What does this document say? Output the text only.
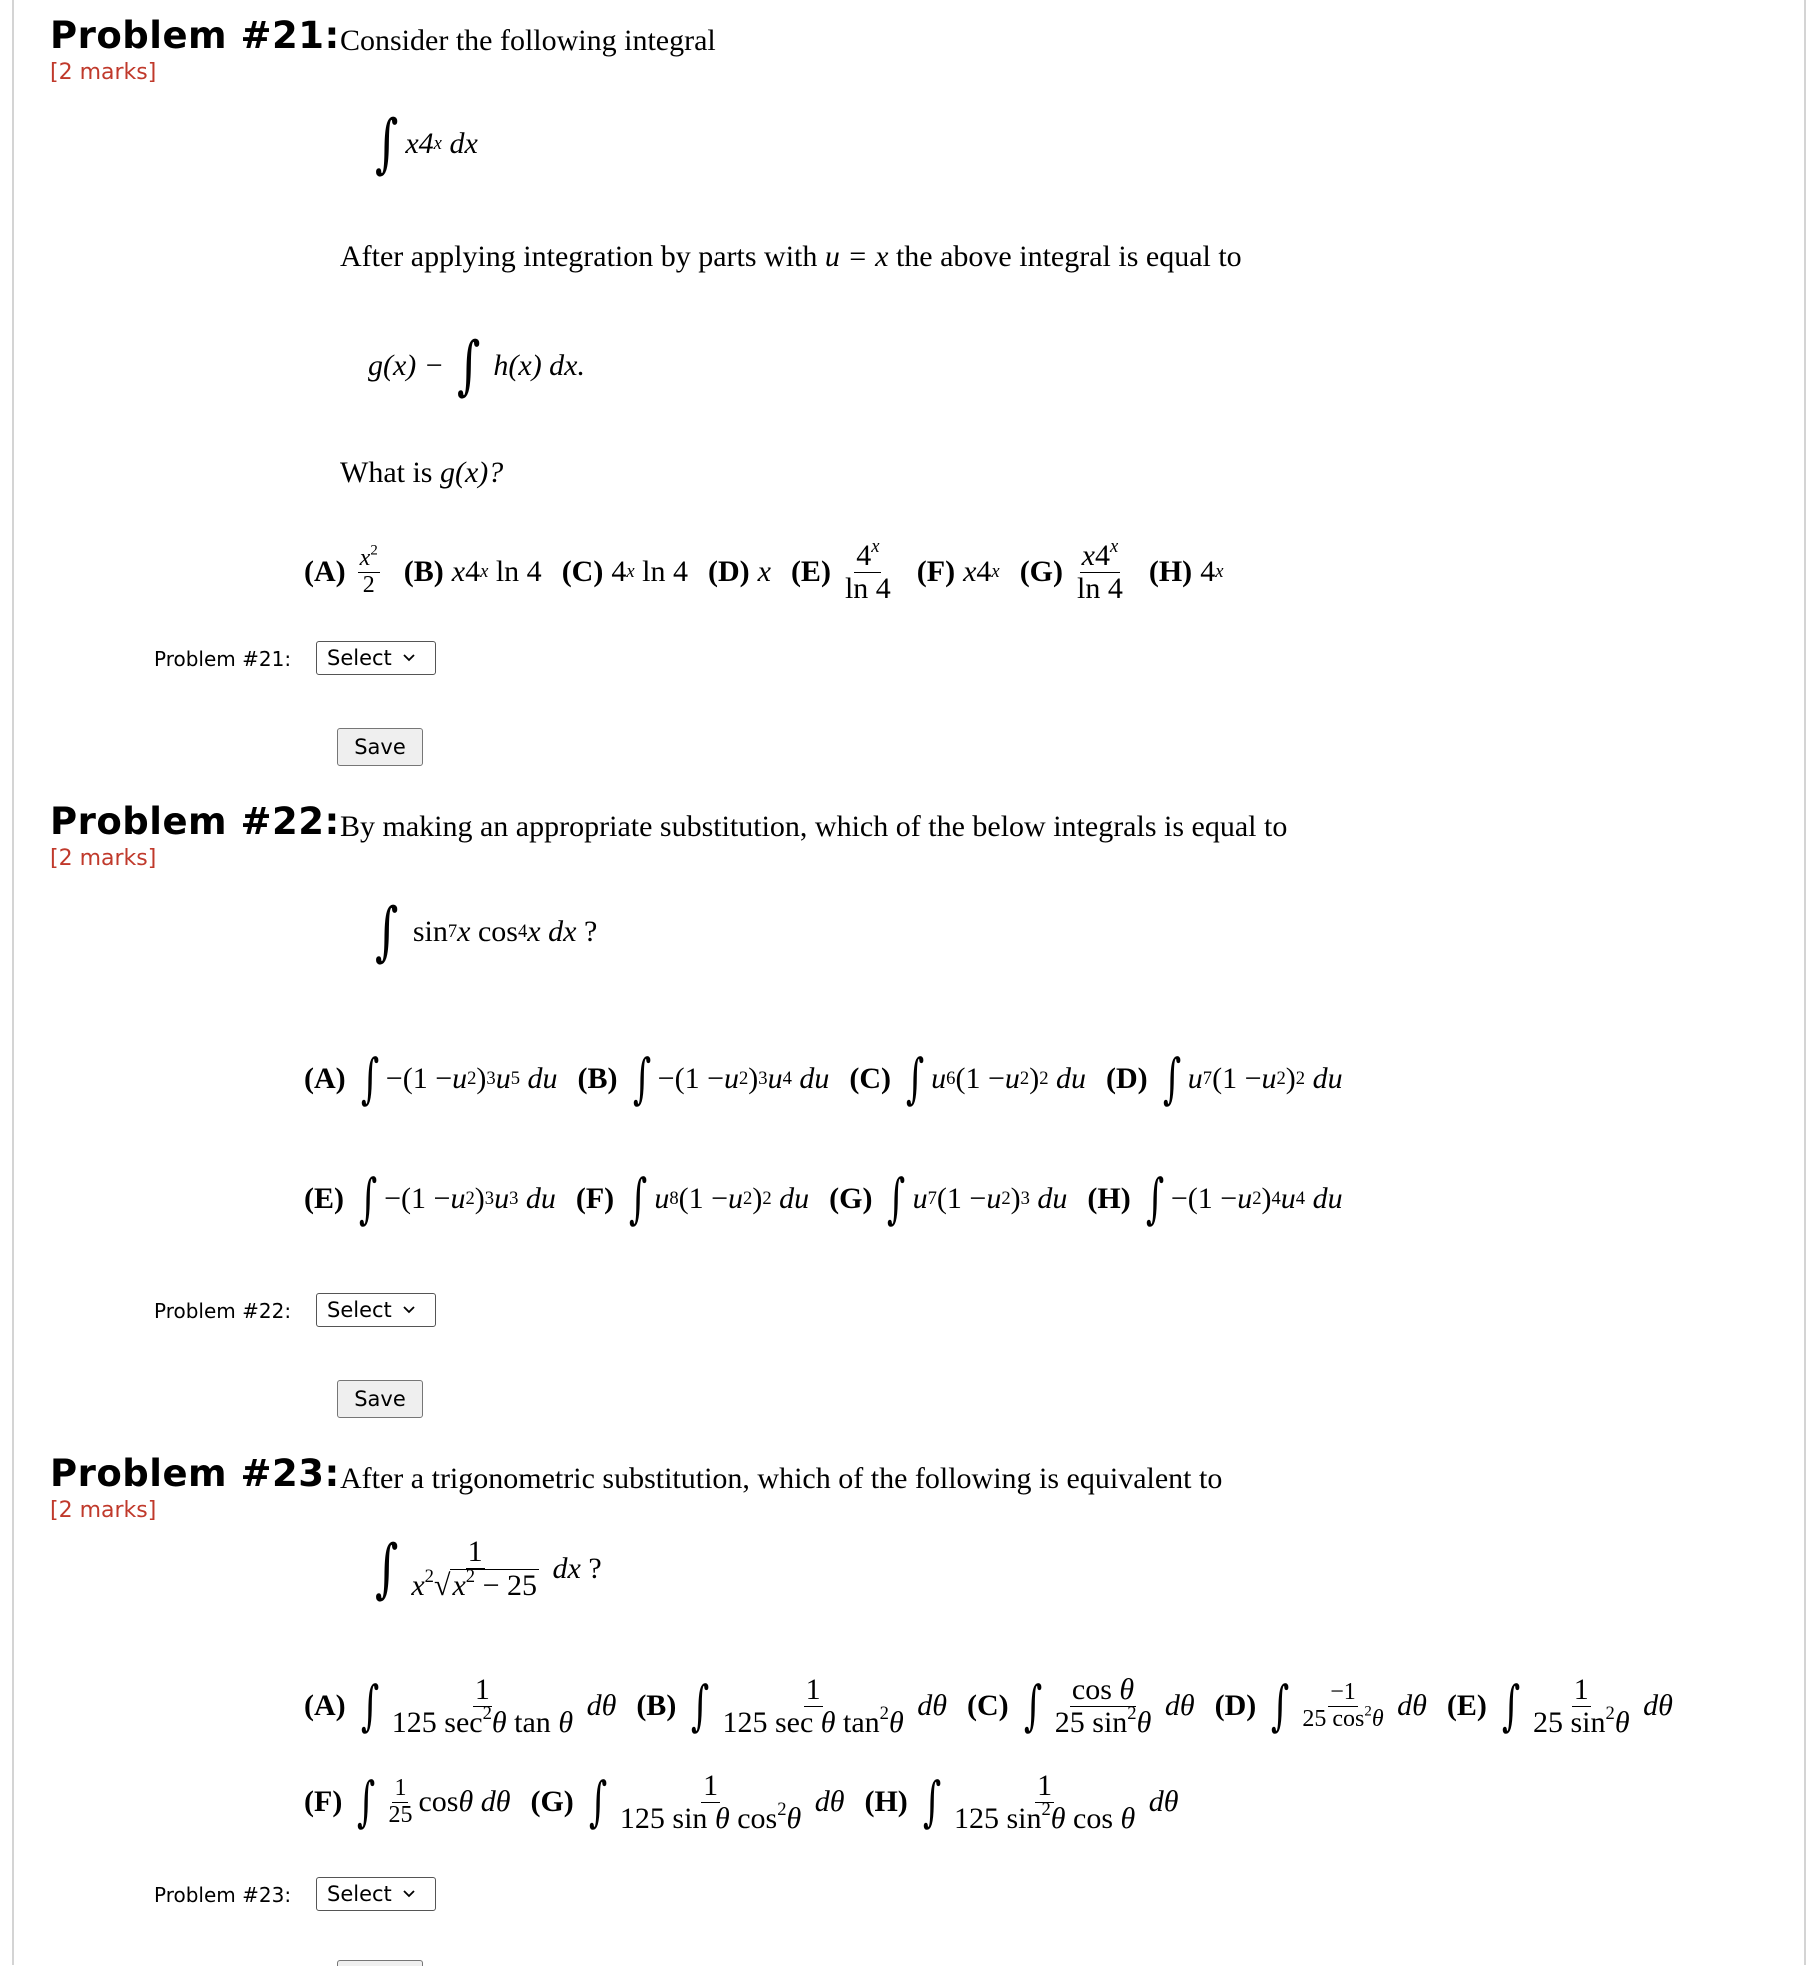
Problem #21: Consider the following integral
[2 marks]
∫ x4 x
dx
After applying integration by parts with u = x the above integral is equal to
g(x) − ∫ h(x) dx.
What is g(x)?
$(A) \frac{x^2}{2} (B)$ x 4 x ln 4 (C) 4 x ln 4 (D) x $(E) \frac{4^x}{\ln 4} (F)$ x 4 x $(G) \frac{x4^x}{\ln 4} (H)$ 4 x
Problem #21: Select
Save
Problem #22: By making an appropriate substitution, which of the below integrals is equal to
[2 marks]
∫ sin 7 x cos 4 x
dx ?
(A) ∫ −(1 − u 2 ) 3 u 5
du (B) ∫ −(1 − u 2 ) 3 u 4
du (C) ∫ u 6 (1 − u 2 ) 2
du (D) ∫ u 7 (1 − u 2 ) 2
du
(E) ∫ −(1 − u 2 ) 3 u 3
du (F) ∫ u 8 (1 − u 2 ) 2
du (G) ∫ u 7 (1 − u 2 ) 3
du (H) ∫ −(1 − u 2 ) 4 u 4
du
Problem #22: Select
Save
Problem #23: After a trigonometric substitution, which of the following is equivalent to
[2 marks]
∫ $\frac{1}{x^2√ x^2 - 25}$
dx ?
(A) ∫ $\frac{1}{125 \sec^2\theta \tan \theta}$
dθ (B) ∫ $\frac{1}{125 \sec \theta \tan^2\theta}$
dθ (C) ∫ $\frac{\text{cos θ}}{25 \sin^2\theta}$
dθ (D) ∫ $\frac{-1}{25 \cos^2\theta}$
dθ (E) ∫ $\frac{1}{25 \sin^2\theta}$
dθ
(F) ∫ $\frac{1}{25}$ cos θ
dθ (G) ∫ $\frac{1}{125 \sin \theta \cos^2\theta}$
dθ (H) ∫ $\frac{1}{125 \sin^2\theta \cos \theta}$
dθ
Problem #23: Select
